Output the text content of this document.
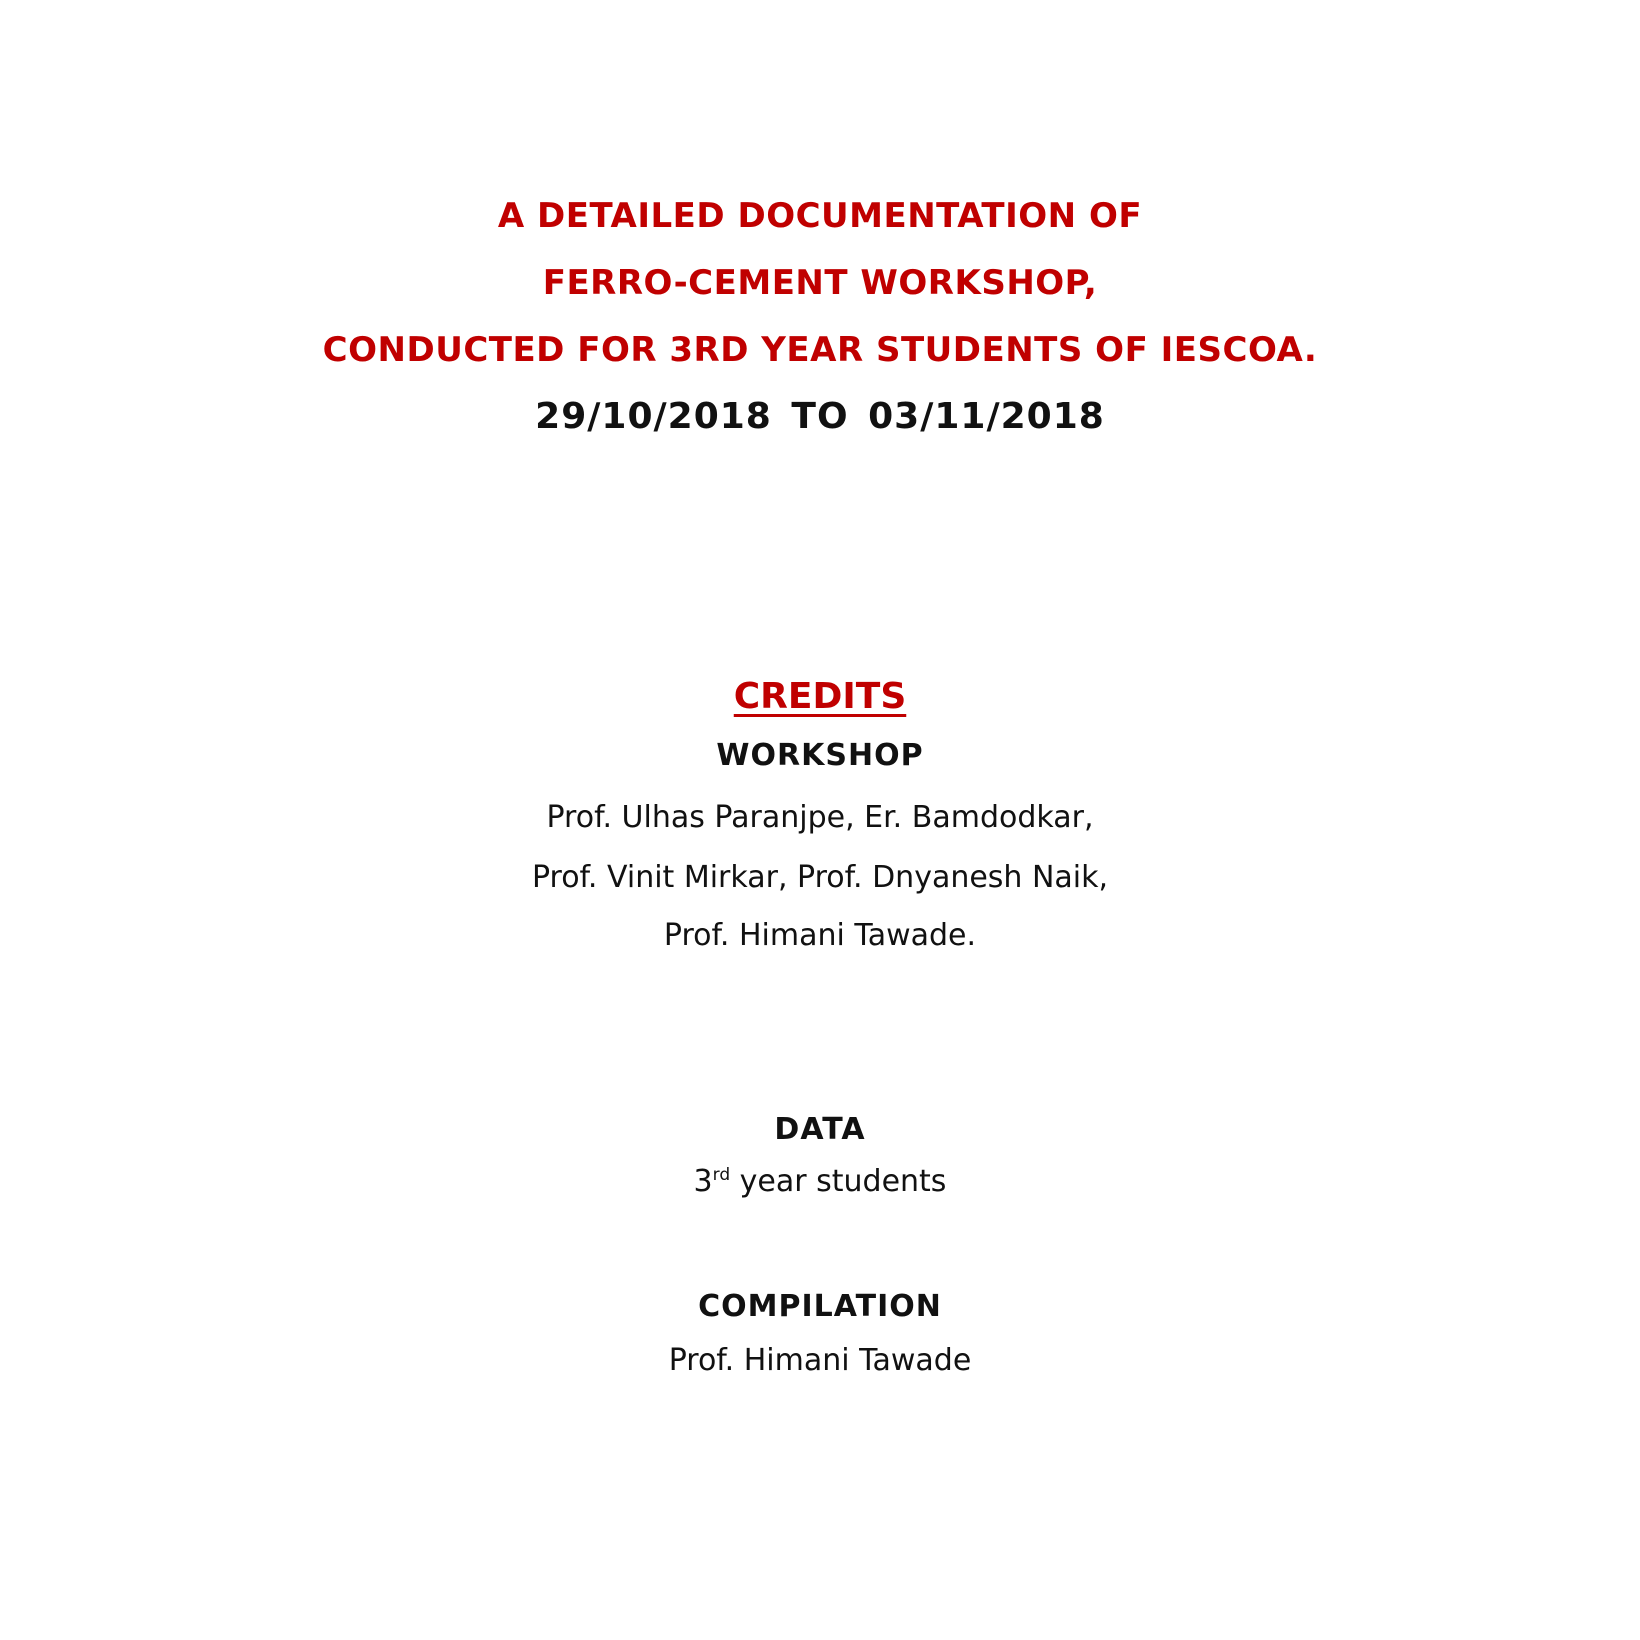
A DETAILED DOCUMENTATION OF
FERRO-CEMENT WORKSHOP,
CONDUCTED FOR 3RD YEAR STUDENTS OF IESCOA.
29/10/2018 TO 03/11/2018
CREDITS
WORKSHOP
Prof. Ulhas Paranjpe, Er. Bamdodkar,
Prof. Vinit Mirkar, Prof. Dnyanesh Naik,
Prof. Himani Tawade.
DATA
3rd year students
COMPILATION
Prof. Himani Tawade
